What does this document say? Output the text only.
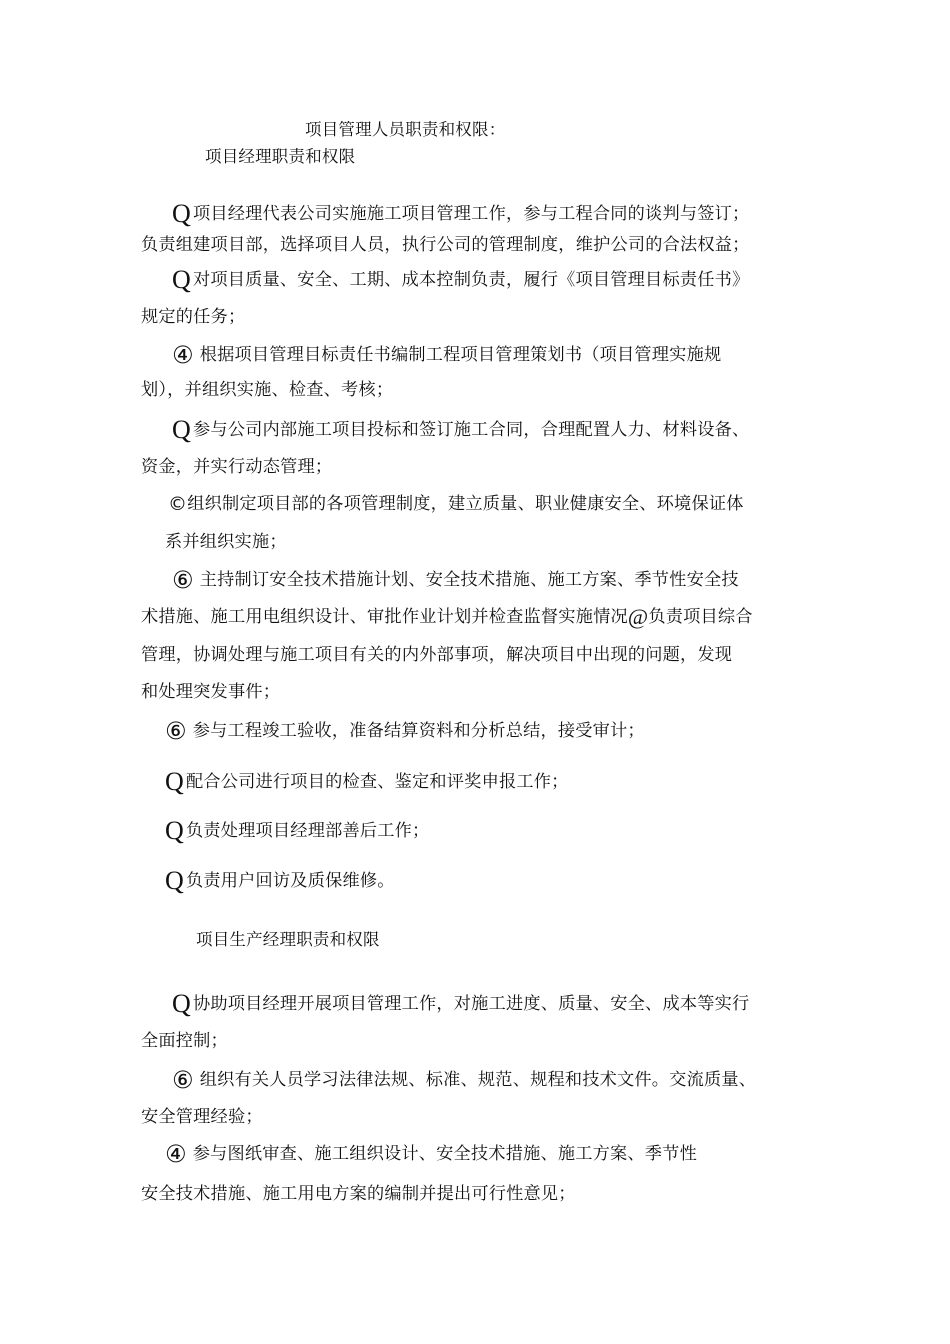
项目管理人员职责和权限：
项目经理职责和权限
Q项目经理代表公司实施施工项目管理工作，参与工程合同的谈判与签订；
负责组建项目部，选择项目人员，执行公司的管理制度，维护公司的合法权益；
Q对项目质量、安全、工期、成本控制负责，履行《项目管理目标责任书》
规定的任务；
④ 根据项目管理目标责任书编制工程项目管理策划书（项目管理实施规
划），并组织实施、检查、考核；
Q参与公司内部施工项目投标和签订施工合同，合理配置人力、材料设备、
资金，并实行动态管理；
©组织制定项目部的各项管理制度，建立质量、职业健康安全、环境保证体
系并组织实施；
⑥ 主持制订安全技术措施计划、安全技术措施、施工方案、季节性安全技
术措施、施工用电组织设计、审批作业计划并检查监督实施情况@负责项目综合
管理，协调处理与施工项目有关的内外部事项，解决项目中出现的问题，发现
和处理突发事件；
⑥ 参与工程竣工验收，准备结算资料和分析总结，接受审计；
Q配合公司进行项目的检查、鉴定和评奖申报工作；
Q负责处理项目经理部善后工作；
Q负责用户回访及质保维修。
项目生产经理职责和权限
Q协助项目经理开展项目管理工作，对施工进度、质量、安全、成本等实行
全面控制；
⑥ 组织有关人员学习法律法规、标准、规范、规程和技术文件。交流质量、
安全管理经验；
④ 参与图纸审查、施工组织设计、安全技术措施、施工方案、季节性
安全技术措施、施工用电方案的编制并提出可行性意见；
